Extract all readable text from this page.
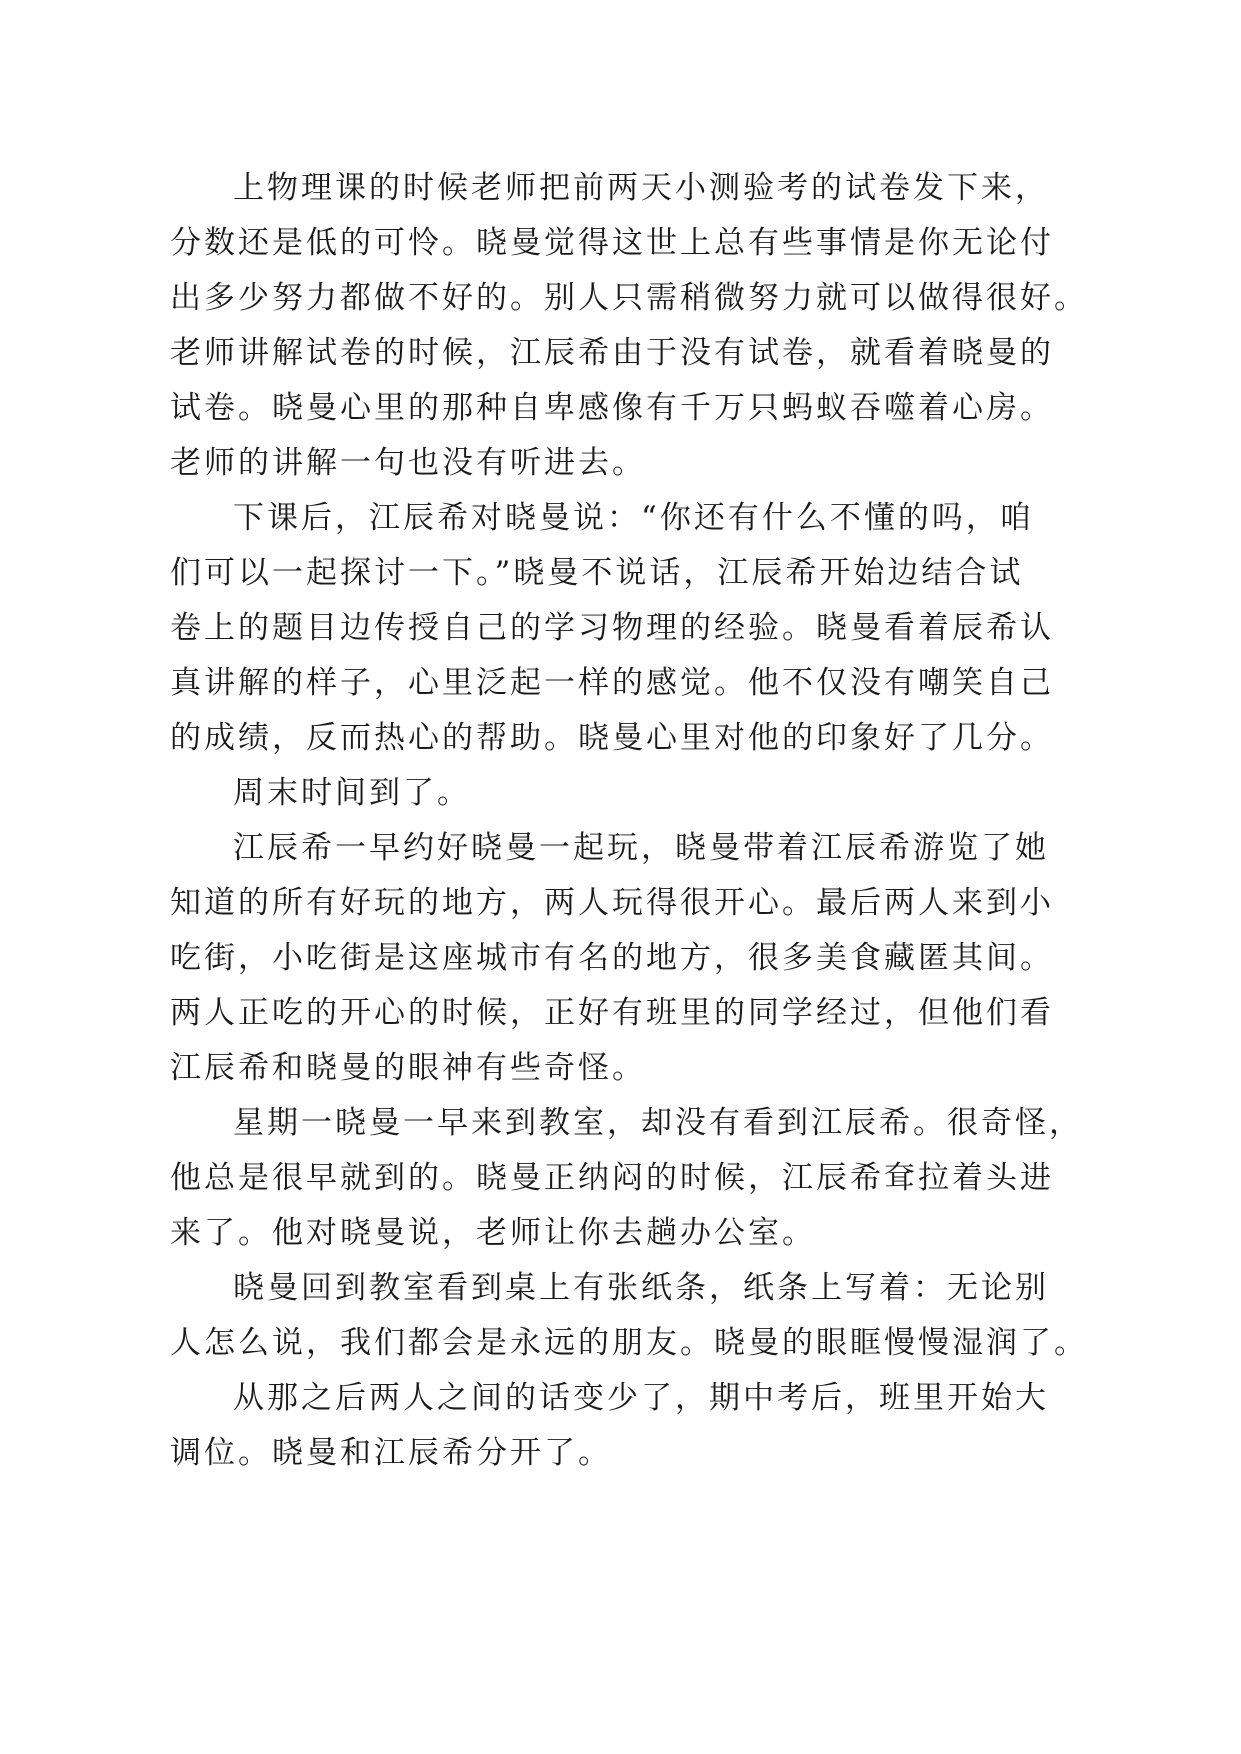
上物理课的时候老师把前两天小测验考的试卷发下来，
分数还是低的可怜。晓曼觉得这世上总有些事情是你无论付
出多少努力都做不好的。别人只需稍微努力就可以做得很好。
老师讲解试卷的时候，江辰希由于没有试卷，就看着晓曼的
试卷。晓曼心里的那种自卑感像有千万只蚂蚁吞噬着心房。
老师的讲解一句也没有听进去。
下课后，江辰希对晓曼说：“你还有什么不懂的吗，咱
们可以一起探讨一下。”晓曼不说话，江辰希开始边结合试
卷上的题目边传授自己的学习物理的经验。晓曼看着辰希认
真讲解的样子，心里泛起一样的感觉。他不仅没有嘲笑自己
的成绩，反而热心的帮助。晓曼心里对他的印象好了几分。
周末时间到了。
江辰希一早约好晓曼一起玩，晓曼带着江辰希游览了她
知道的所有好玩的地方，两人玩得很开心。最后两人来到小
吃街，小吃街是这座城市有名的地方，很多美食藏匿其间。
两人正吃的开心的时候，正好有班里的同学经过，但他们看
江辰希和晓曼的眼神有些奇怪。
星期一晓曼一早来到教室，却没有看到江辰希。很奇怪，
他总是很早就到的。晓曼正纳闷的时候，江辰希耷拉着头进
来了。他对晓曼说，老师让你去趟办公室。
晓曼回到教室看到桌上有张纸条，纸条上写着：无论别
人怎么说，我们都会是永远的朋友。晓曼的眼眶慢慢湿润了。
从那之后两人之间的话变少了，期中考后，班里开始大
调位。晓曼和江辰希分开了。
